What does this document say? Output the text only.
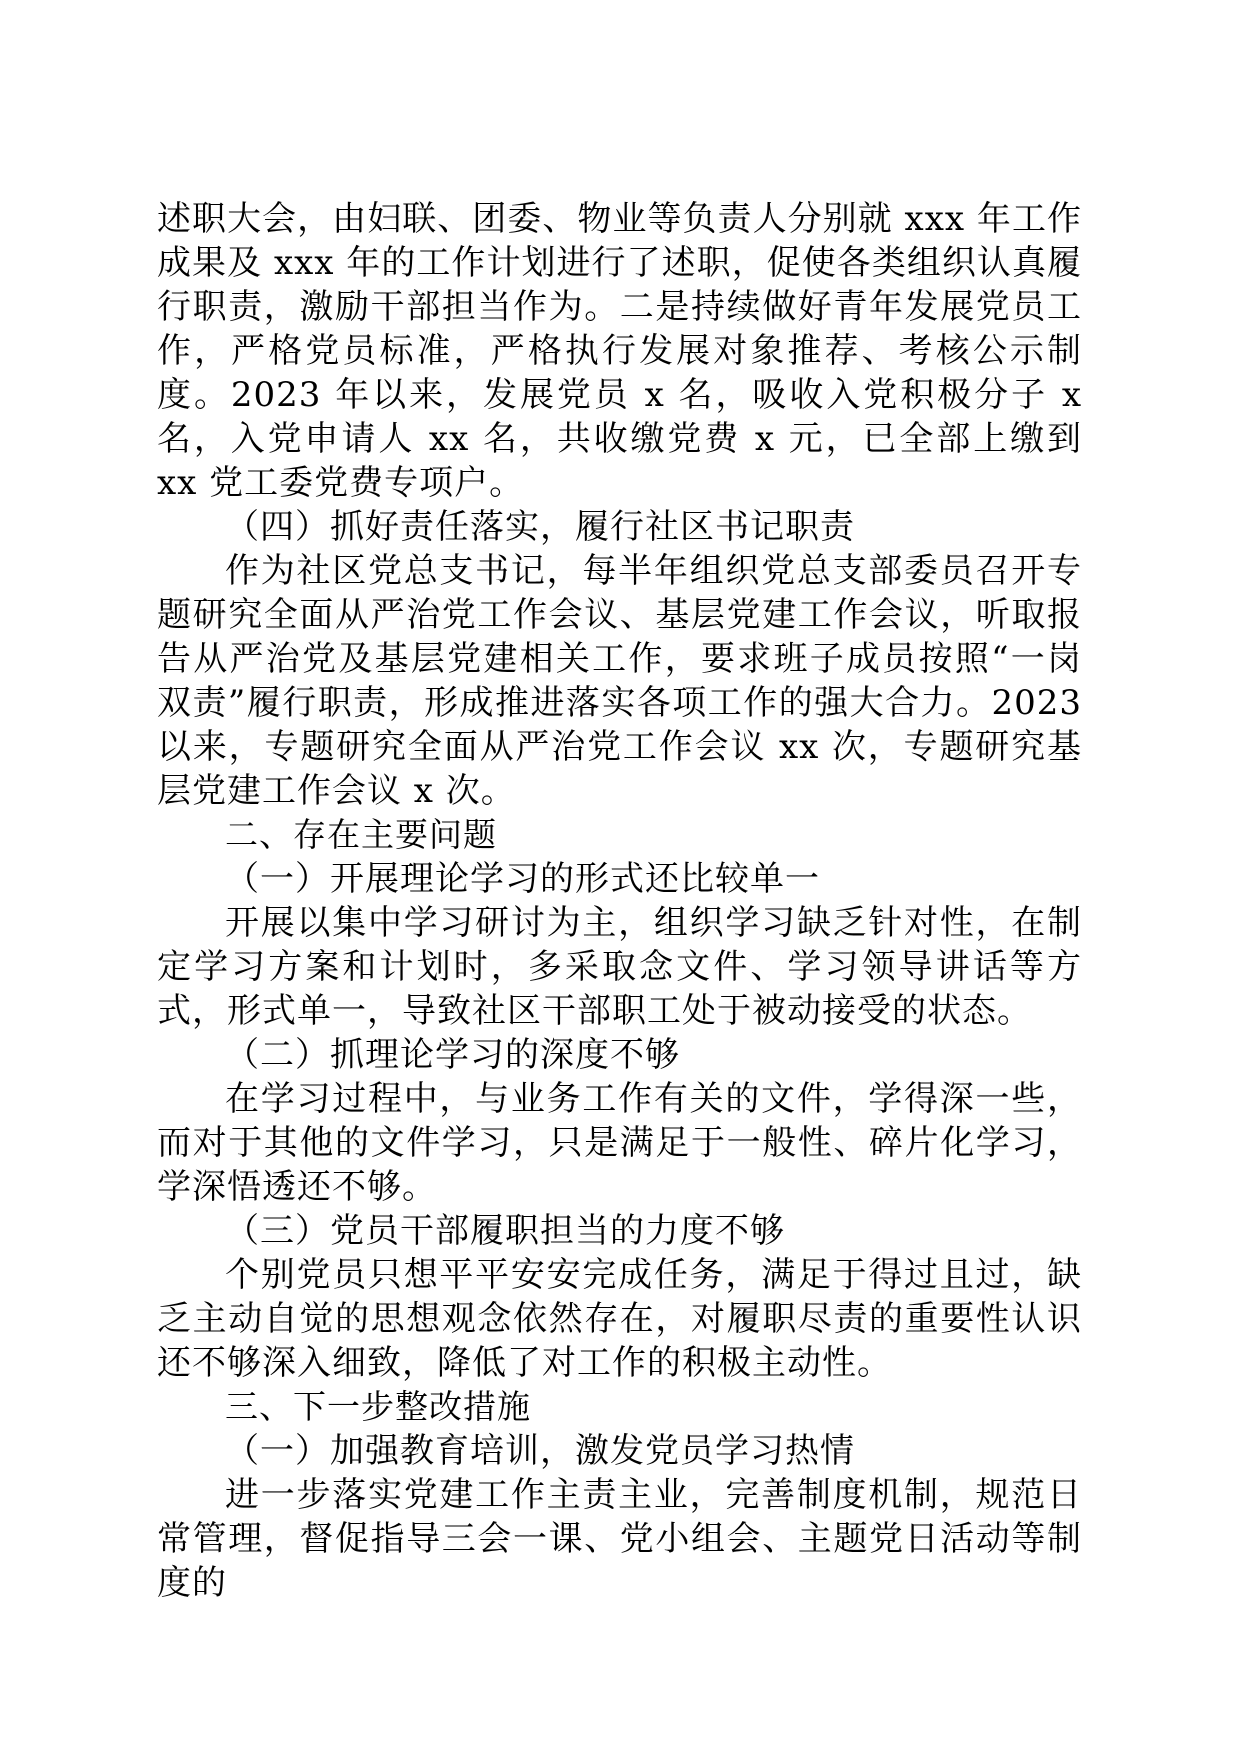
述职大会，由妇联、团委、物业等负责人分别就 xxx 年工作成果及 xxx 年的工作计划进行了述职，促使各类组织认真履行职责，激励干部担当作为。二是持续做好青年发展党员工作，严格党员标准，严格执行发展对象推荐、考核公示制度。2023 年以来，发展党员 x 名，吸收入党积极分子 x 名，入党申请人 xx 名，共收缴党费 x 元，已全部上缴到 xx 党工委党费专项户。

（四）抓好责任落实，履行社区书记职责

作为社区党总支书记，每半年组织党总支部委员召开专题研究全面从严治党工作会议、基层党建工作会议，听取报告从严治党及基层党建相关工作，要求班子成员按照“一岗双责”履行职责，形成推进落实各项工作的强大合力。2023 以来，专题研究全面从严治党工作会议 xx 次，专题研究基层党建工作会议 x 次。

二、存在主要问题

（一）开展理论学习的形式还比较单一

开展以集中学习研讨为主，组织学习缺乏针对性，在制定学习方案和计划时，多采取念文件、学习领导讲话等方式，形式单一，导致社区干部职工处于被动接受的状态。

（二）抓理论学习的深度不够

在学习过程中，与业务工作有关的文件，学得深一些，而对于其他的文件学习，只是满足于一般性、碎片化学习，学深悟透还不够。

（三）党员干部履职担当的力度不够

个别党员只想平平安安完成任务，满足于得过且过，缺乏主动自觉的思想观念依然存在，对履职尽责的重要性认识还不够深入细致，降低了对工作的积极主动性。

三、下一步整改措施

（一）加强教育培训，激发党员学习热情

进一步落实党建工作主责主业，完善制度机制，规范日常管理，督促指导三会一课、党小组会、主题党日活动等制度的
